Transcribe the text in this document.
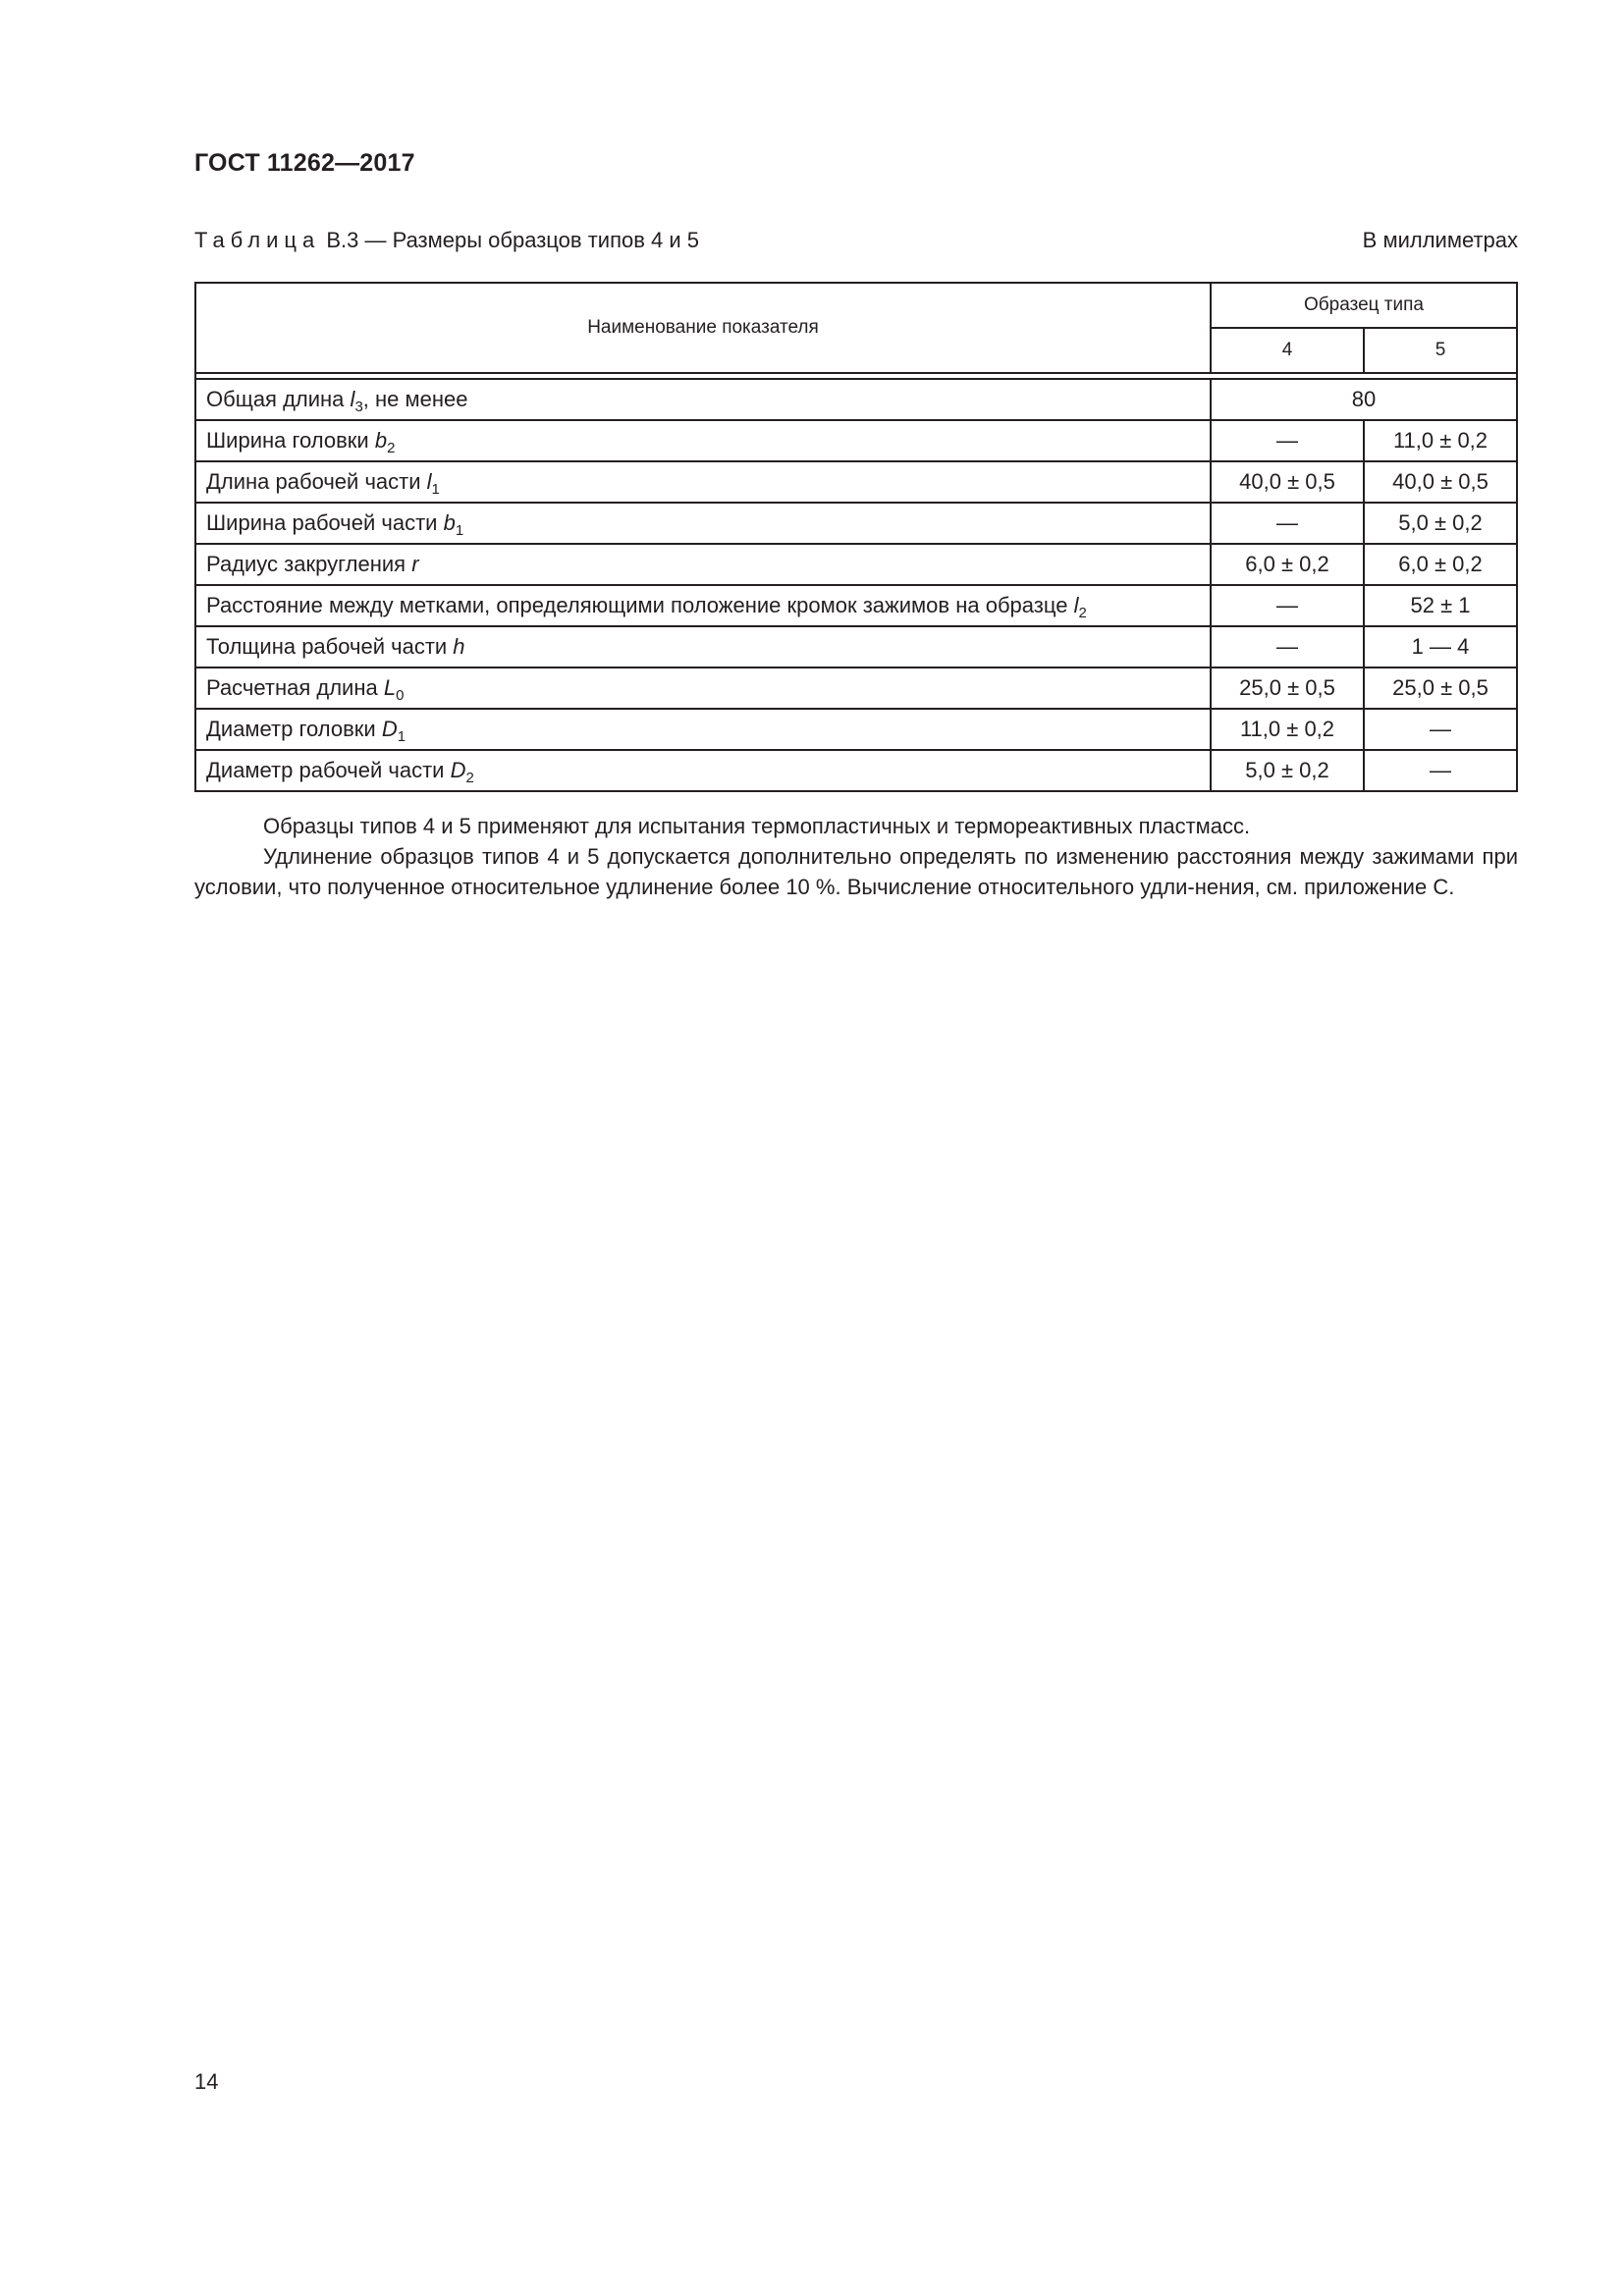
ГОСТ 11262—2017
Таблица В.3 — Размеры образцов типов 4 и 5	В миллиметрах
Наименование показателя	Образец типа	
	4	5

Общая длина $l_3$, не менее	80	
Ширина головки $b_2$	—	11,0 ± 0,2
Длина рабочей части $l_1$	40,0 ± 0,5	40,0 ± 0,5
Ширина рабочей части $b_1$	—	5,0 ± 0,2
Радиус закругления r	6,0 ± 0,2	6,0 ± 0,2
Расстояние между метками, определяющими положение кромок зажимов на образце $l_2$	—	52 ± 1
Толщина рабочей части h	—	1 — 4
Расчетная длина $L_0$	25,0 ± 0,5	25,0 ± 0,5
Диаметр головки $D_1$	11,0 ± 0,2	—
Диаметр рабочей части $D_2$	5,0 ± 0,2	—
Образцы типов 4 и 5 применяют для испытания термопластичных и термореактивных пластмасс.
Удлинение образцов типов 4 и 5 допускается дополнительно определять по изменению расстояния между зажимами при условии, что полученное относительное удлинение более 10 %. Вычисление относительного удли-нения, см. приложение С.
14
